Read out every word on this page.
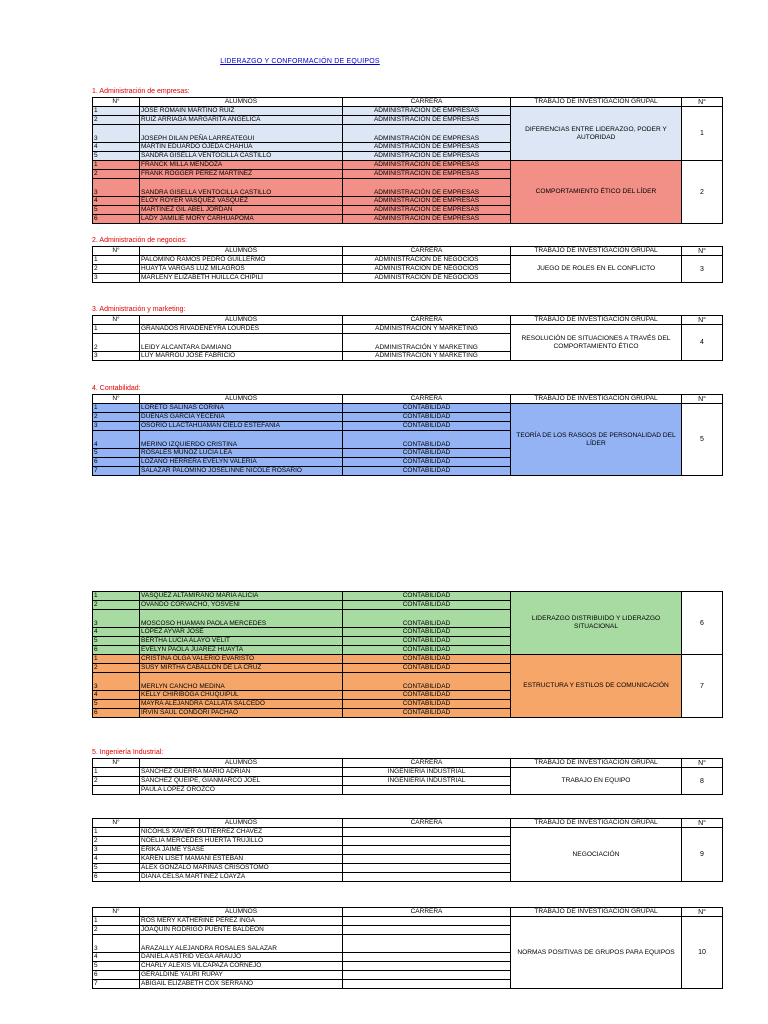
LIDERAZGO Y CONFORMACIÓN DE EQUIPOS
1. Administración de empresas:
2. Administración de negocios:
3. Administración y marketing:
4. Contabilidad:
5. Ingeniería Industrial:
N°	ALUMNOS	CARRERA	TRABAJO DE INVESTIGACIÓN GRUPAL	N°
1	JOSE ROMAIN MARTINO RUIZ	ADMINISTRACIÓN DE EMPRESAS	DIFERENCIAS ENTRE LIDERAZGO, PODER Y AUTORIDAD	1
2	RUIZ ARRIAGA MARGARITA ANGELICA	ADMINISTRACIÓN DE EMPRESAS		
3	JOSEPH DILAN PEÑA LARREATEGUI	ADMINISTRACIÓN DE EMPRESAS		
4	MARTIN EDUARDO OJEDA CHAHUA	ADMINISTRACIÓN DE EMPRESAS		
5	SANDRA GISELLA VENTOCILLA CASTILLO	ADMINISTRACIÓN DE EMPRESAS		
1	FRANCK MILLA MENDOZA	ADMINISTRACIÓN DE EMPRESAS	COMPORTAMIENTO ÉTICO DEL LÍDER	2
2	FRANK ROGGER PÉREZ MARTÍNEZ	ADMINISTRACIÓN DE EMPRESAS		
3	SANDRA GISELLA VENTOCILLA CASTILLO	ADMINISTRACIÓN DE EMPRESAS		
4	ELOY ROYER VASQUEZ VASQUEZ	ADMINISTRACIÓN DE EMPRESAS		
5	MARTINEZ GIL ABEL JORDAN	ADMINISTRACIÓN DE EMPRESAS		
6	LADY JAMILIE MORY CARHUAPOMA	ADMINISTRACIÓN DE EMPRESAS		
N°	ALUMNOS	CARRERA	TRABAJO DE INVESTIGACIÓN GRUPAL	N°
1	PALOMINO RAMOS PEDRO GUILLERMO	ADMINISTRACIÓN DE NEGOCIOS	JUEGO DE ROLES EN EL CONFLICTO	3
2	HUAYTA VARGAS LUZ MILAGROS	ADMINISTRACIÓN DE NEGOCIOS		
3	MARLENY ELIZABETH HUILLCA CHIPILI	ADMINISTRACIÓN DE NEGOCIOS		
N°	ALUMNOS	CARRERA	TRABAJO DE INVESTIGACIÓN GRUPAL	N°
1	GRANADOS RIVADENEYRA LOURDES	ADMINISTRACIÓN Y MARKETING	RESOLUCIÓN DE SITUACIONES A TRAVÉS DEL COMPORTAMIENTO ÉTICO	4
2	LEIDY ALCANTARA DAMIANO	ADMINISTRACIÓN Y MARKETING		
3	LUY MARROU JOSE FABRICIO	ADMINISTRACIÓN Y MARKETING		
N°	ALUMNOS	CARRERA	TRABAJO DE INVESTIGACIÓN GRUPAL	N°
1	LORETO SALINAS CORINA	CONTABILIDAD	TEORÍA DE LOS RASGOS DE PERSONALIDAD DEL LÍDER	5
2	DUEÑAS GARCIA YECENIA	CONTABILIDAD		
3	OSORIO LLACTAHUAMAN CIELO ESTEFANIA	CONTABILIDAD		
4	MERINO IZQUIERDO CRISTINA	CONTABILIDAD		
5	ROSALES MUÑOZ LUCIA LEA	CONTABILIDAD		
6	LOZANO HERRERA EVELYN VALERIA	CONTABILIDAD		
7	SALAZAR PALOMINO JOSELINNE NICOLE ROSARIO	CONTABILIDAD		
1	VASQUEZ ALTAMIRANO MARIA ALICIA	CONTABILIDAD	LIDERAZGO DISTRIBUIDO Y LIDERAZGO SITUACIONAL	6
2	OVANDO CORVACHO, YOSVENI	CONTABILIDAD		
3	MOSCOSO HUAMAN PAOLA MERCEDES	CONTABILIDAD		
4	LÓPEZ AYVAR JOSÉ	CONTABILIDAD		
5	BERTHA LUCIA ALAYO VELIT	CONTABILIDAD		
6	EVELYN PAOLA JUAREZ HUAYTA	CONTABILIDAD		
1	CRISTINA OLGA VALERIO EVARISTO	CONTABILIDAD	ESTRUCTURA Y ESTILOS DE COMUNICACIÓN	7
2	SUSY MIRTHA CABALLÓN DE LA CRUZ	CONTABILIDAD		
3	MERLYN CANCHO MEDINA	CONTABILIDAD		
4	KELLY CHIRIBOGA CHUQUIPUL	CONTABILIDAD		
5	MAYRA ALEJANDRA CALLATA SALCEDO	CONTABILIDAD		
6	IRVIN SAÚL CONDORI PACHAO	CONTABILIDAD		
N°	ALUMNOS	CARRERA	TRABAJO DE INVESTIGACIÓN GRUPAL	N°
1	SANCHEZ GUERRA MARIO ADRIAN	INGENIERÍA INDUSTRIAL	TRABAJO EN EQUIPO	8
2	SANCHEZ QUEIPE, GIANMARCO JOEL	INGENIERÍA INDUSTRIAL		
	PAULA LOPEZ OROZCO			
N°	ALUMNOS	CARRERA	TRABAJO DE INVESTIGACIÓN GRUPAL	N°
1	NICOHLS XAVIER GUTIERREZ CHAVEZ		NEGOCIACIÓN	9
2	NOELIA MERCEDES HUERTA TRUJILLO			
3	ERIKA JAIME YSASE			
4	KAREN LISET MAMANI ESTEBAN			
5	ALEX GONZALO MARIÑAS CRISOSTOMO			
6	DIANA CELSA MARTINEZ LOAYZA			
N°	ALUMNOS	CARRERA	TRABAJO DE INVESTIGACIÓN GRUPAL	N°
1	ROS MERY KATHERINE PEREZ INGA		NORMAS POSITIVAS DE GRUPOS PARA EQUIPOS	10
2	JOAQUÍN RODRIGO PUENTE BALDEÓN			
3	ARAZALLY ALEJANDRA ROSALES SALAZAR			
4	DANIELA ASTRID VEGA ARAUJO			
5	CHARLY ALEXIS VILCAPAZA CORNEJO			
6	GERALDINE YAURI RUPAY			
7	ABIGAIL ELIZABETH COX SERRANO			
